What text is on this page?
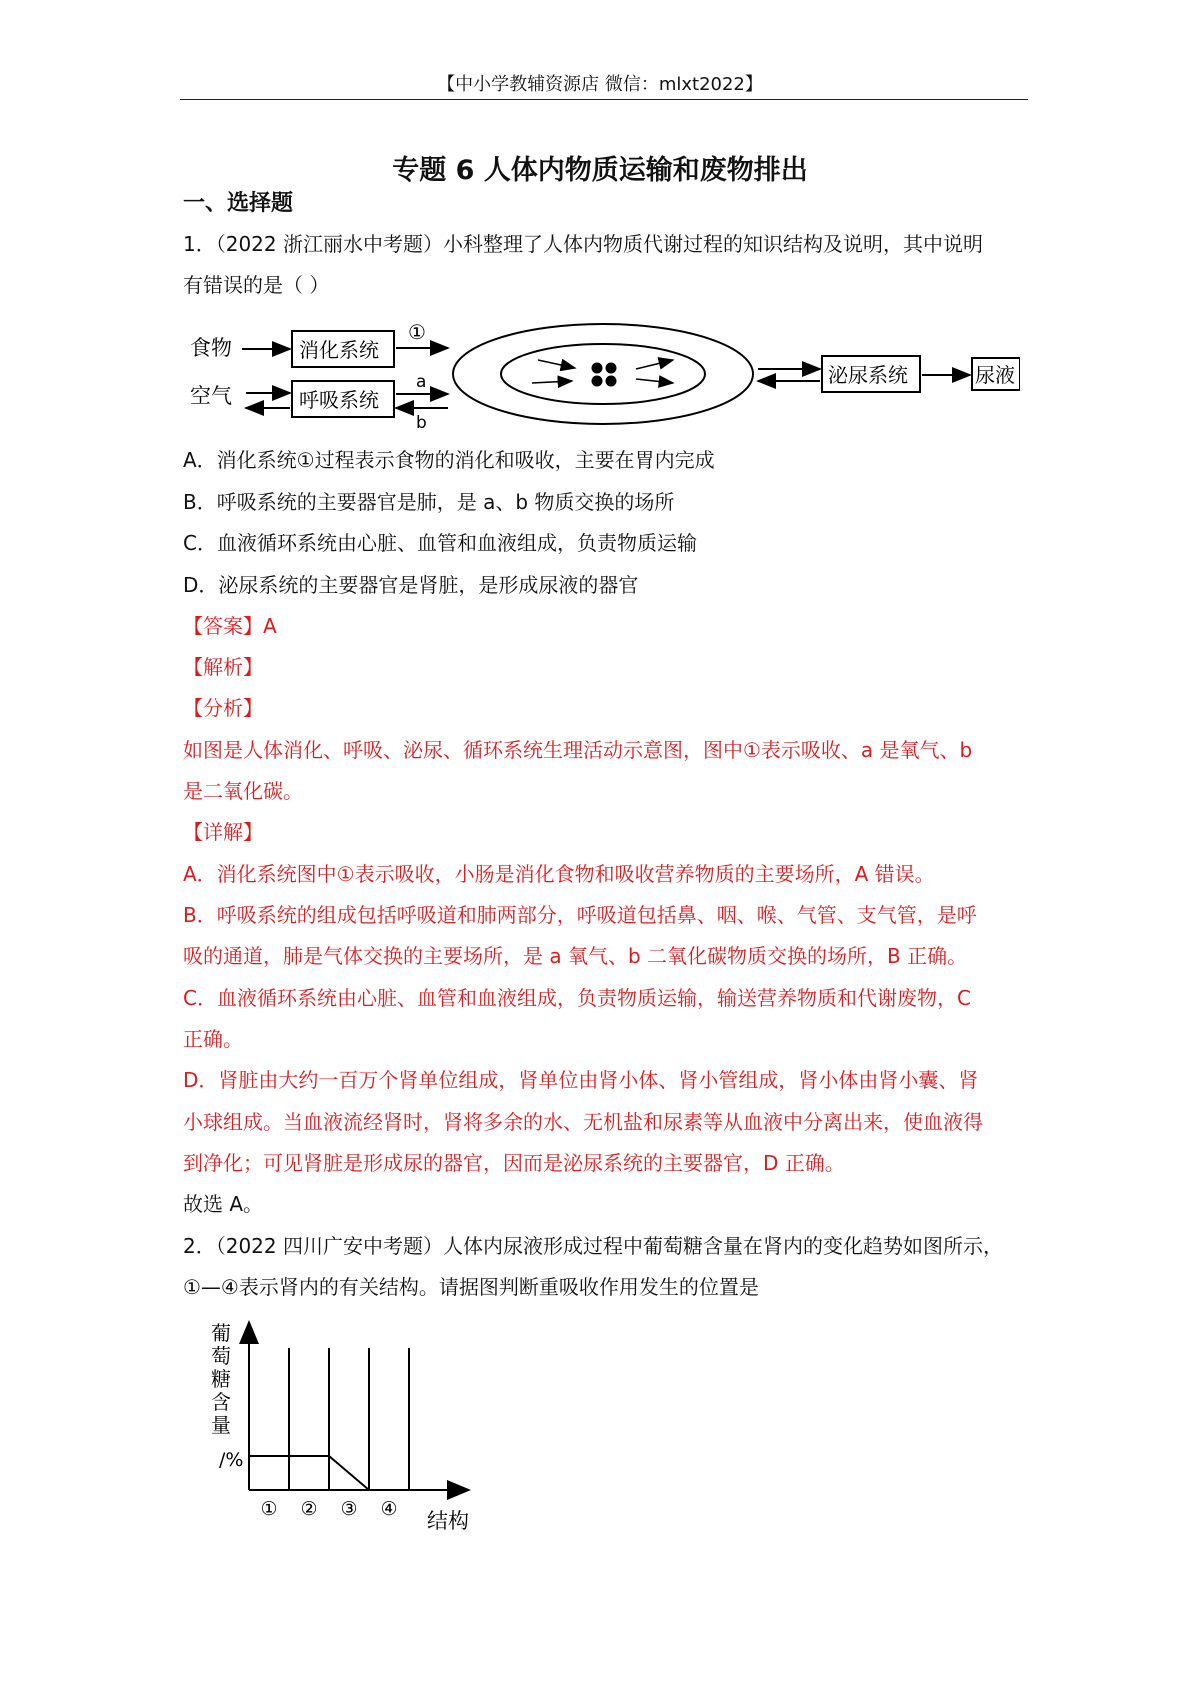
【中小学教辅资源店 微信：mlxt2022】
专题 6 人体内物质运输和废物排出
一、选择题
1．（2022 浙江丽水中考题）小科整理了人体内物质代谢过程的知识结构及说明，其中说明
有错误的是（ ）
食物
空气
消化系统
①
呼吸系统
a
b
泌尿系统	尿液
A．消化系统①过程表示食物的消化和吸收，主要在胃内完成
B．呼吸系统的主要器官是肺，是 a、b 物质交换的场所
C．血液循环系统由心脏、血管和血液组成，负责物质运输
D．泌尿系统的主要器官是肾脏，是形成尿液的器官
【答案】A
【解析】
【分析】
如图是人体消化、呼吸、泌尿、循环系统生理活动示意图，图中①表示吸收、a 是氧气、b
是二氧化碳。
【详解】
A．消化系统图中①表示吸收，小肠是消化食物和吸收营养物质的主要场所，A 错误。
B．呼吸系统的组成包括呼吸道和肺两部分，呼吸道包括鼻、咽、喉、气管、支气管，是呼
吸的通道，肺是气体交换的主要场所，是 a 氧气、b 二氧化碳物质交换的场所，B 正确。
C．血液循环系统由心脏、血管和血液组成，负责物质运输，输送营养物质和代谢废物，C
正确。
D．肾脏由大约一百万个肾单位组成，肾单位由肾小体、肾小管组成，肾小体由肾小囊、肾
小球组成。当血液流经肾时，肾将多余的水、无机盐和尿素等从血液中分离出来，使血液得
到净化；可见肾脏是形成尿的器官，因而是泌尿系统的主要器官，D 正确。
故选 A。
2．（2022 四川广安中考题）人体内尿液形成过程中葡萄糖含量在肾内的变化趋势如图所示，
①—④表示肾内的有关结构。请据图判断重吸收作用发生的位置是
葡
萄
糖
含
量
/%
结构
① ② ③ ④
